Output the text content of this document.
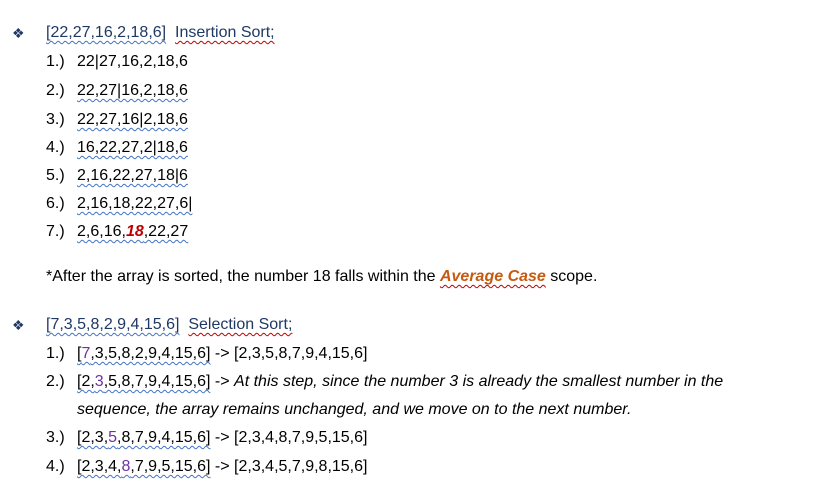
❖ [22,27,16,2,18,6] Insertion Sort;
1.) 22|27,16,2,18,6
2.) 22,27|16,2,18,6
3.) 22,27,16|2,18,6
4.) 16,22,27,2|18,6
5.) 2,16,22,27,18|6
6.) 2,16,18,22,27,6|
7.) 2,6,16,18,22,27
*After the array is sorted, the number 18 falls within the Average Case scope.
❖ [7,3,5,8,2,9,4,15,6] Selection Sort;
1.) [7,3,5,8,2,9,4,15,6] -> [2,3,5,8,7,9,4,15,6]
2.) [2,3,5,8,7,9,4,15,6] -> At this step, since the number 3 is already the smallest number in the
sequence, the array remains unchanged, and we move on to the next number.
3.) [2,3,5,8,7,9,4,15,6] -> [2,3,4,8,7,9,5,15,6]
4.) [2,3,4,8,7,9,5,15,6] -> [2,3,4,5,7,9,8,15,6]
